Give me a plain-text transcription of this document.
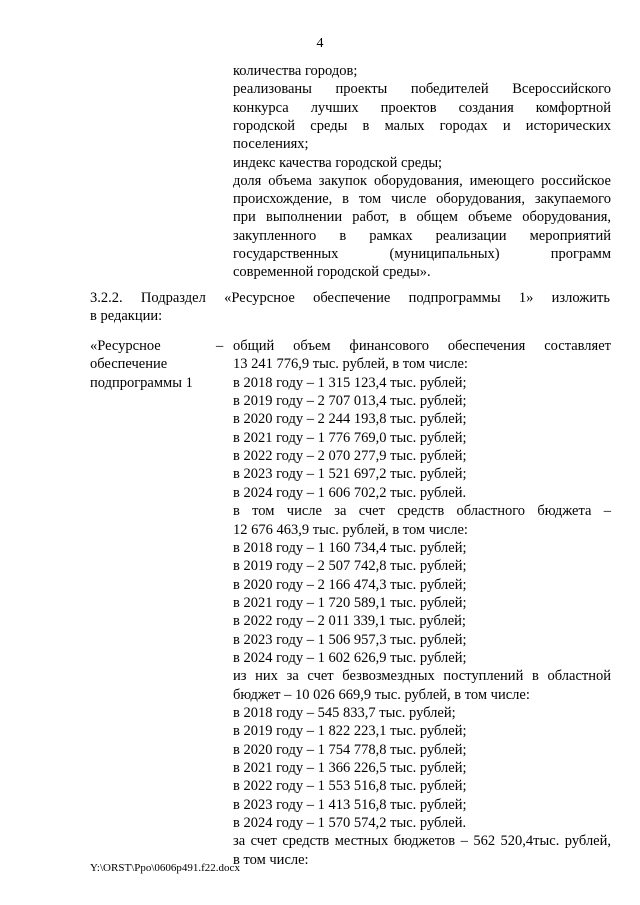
4
количества городов;
реализованы проекты победителей Всероссийского
конкурса лучших проектов создания комфортной
городской среды в малых городах и исторических
поселениях;
индекс качества городской среды;
доля объема закупок оборудования, имеющего российское
происхождение, в том числе оборудования, закупаемого
при выполнении работ, в общем объеме оборудования,
закупленного в рамках реализации мероприятий
государственных (муниципальных) программ
современной городской среды».
3.2.2. Подраздел «Ресурсное обеспечение подпрограммы 1» изложить
в редакции:
«Ресурсное
обеспечение
подпрограммы 1
– общий объем финансового обеспечения составляет
13 241 776,9 тыс. рублей, в том числе:
в 2018 году – 1 315 123,4 тыс. рублей;
в 2019 году – 2 707 013,4 тыс. рублей;
в 2020 году – 2 244 193,8 тыс. рублей;
в 2021 году – 1 776 769,0 тыс. рублей;
в 2022 году – 2 070 277,9 тыс. рублей;
в 2023 году – 1 521 697,2 тыс. рублей;
в 2024 году – 1 606 702,2 тыс. рублей.
в том числе за счет средств областного бюджета –
12 676 463,9 тыс. рублей, в том числе:
в 2018 году – 1 160 734,4 тыс. рублей;
в 2019 году – 2 507 742,8 тыс. рублей;
в 2020 году – 2 166 474,3 тыс. рублей;
в 2021 году – 1 720 589,1 тыс. рублей;
в 2022 году – 2 011 339,1 тыс. рублей;
в 2023 году – 1 506 957,3 тыс. рублей;
в 2024 году – 1 602 626,9 тыс. рублей;
из них за счет безвозмездных поступлений в областной
бюджет – 10 026 669,9 тыс. рублей, в том числе:
в 2018 году – 545 833,7 тыс. рублей;
в 2019 году – 1 822 223,1 тыс. рублей;
в 2020 году – 1 754 778,8 тыс. рублей;
в 2021 году – 1 366 226,5 тыс. рублей;
в 2022 году – 1 553 516,8 тыс. рублей;
в 2023 году – 1 413 516,8 тыс. рублей;
в 2024 году – 1 570 574,2 тыс. рублей.
за счет средств местных бюджетов – 562 520,4тыс. рублей,
в том числе:
Y:\ORST\Ppo\0606p491.f22.docx
